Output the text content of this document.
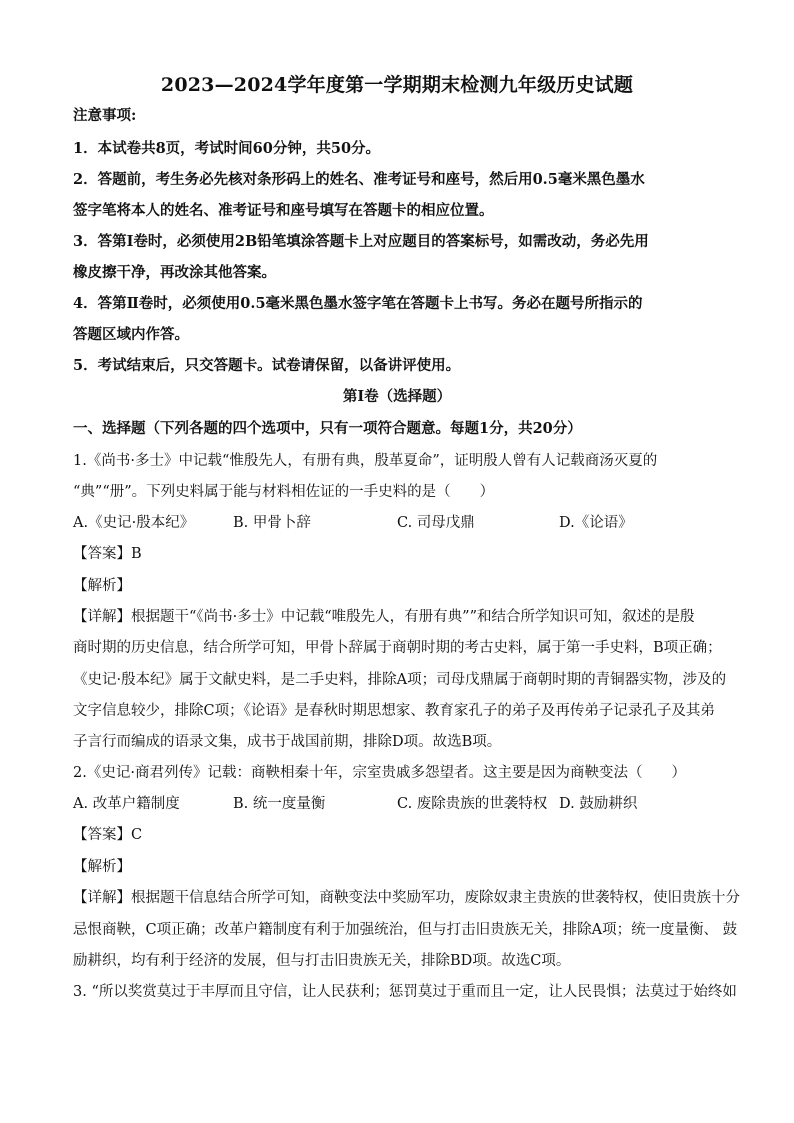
2023—2024学年度第一学期期末检测九年级历史试题
注意事项:
1．本试卷共8页，考试时间60分钟，共50分。
2．答题前，考生务必先核对条形码上的姓名、准考证号和座号，然后用0.5毫米黑色墨水
签字笔将本人的姓名、准考证号和座号填写在答题卡的相应位置。
3．答第Ⅰ卷时，必须使用2B铅笔填涂答题卡上对应题目的答案标号，如需改动，务必先用
橡皮擦干净，再改涂其他答案。
4．答第Ⅱ卷时，必须使用0.5毫米黑色墨水签字笔在答题卡上书写。务必在题号所指示的
答题区域内作答。
5．考试结束后，只交答题卡。试卷请保留，以备讲评使用。
第Ⅰ卷（选择题）
一、选择题（下列各题的四个选项中，只有一项符合题意。每题1分，共20分）
1.《尚书·多士》中记载“惟殷先人，有册有典，殷革夏命”，证明殷人曾有人记载商汤灭夏的
“典”“册”。下列史料属于能与材料相佐证的一手史料的是（　　）
A.《史记·殷本纪》	B. 甲骨卜辞	C. 司母戊鼎	D.《论语》
【答案】B
【解析】
【详解】根据题干“《尚书·多士》中记载“唯殷先人，有册有典””和结合所学知识可知，叙述的是殷
商时期的历史信息，结合所学可知，甲骨卜辞属于商朝时期的考古史料，属于第一手史料，B项正确；
《史记·殷本纪》属于文献史料，是二手史料，排除A项；司母戊鼎属于商朝时期的青铜器实物，涉及的
文字信息较少，排除C项；《论语》是春秋时期思想家、教育家孔子的弟子及再传弟子记录孔子及其弟
子言行而编成的语录文集，成书于战国前期，排除D项。故选B项。
2.《史记·商君列传》记载：商鞅相秦十年，宗室贵戚多怨望者。这主要是因为商鞅变法（　　）
A. 改革户籍制度	B. 统一度量衡	C. 废除贵族的世袭特权 D. 鼓励耕织
【答案】C
【解析】
【详解】根据题干信息结合所学可知，商鞅变法中奖励军功，废除奴隶主贵族的世袭特权，使旧贵族十分
忌恨商鞅，C项正确；改革户籍制度有利于加强统治，但与打击旧贵族无关，排除A项；统一度量衡、 鼓
励耕织，均有利于经济的发展，但与打击旧贵族无关，排除BD项。故选C项。
3. “所以奖赏莫过于丰厚而且守信，让人民获利；惩罚莫过于重而且一定，让人民畏惧；法莫过于始终如
